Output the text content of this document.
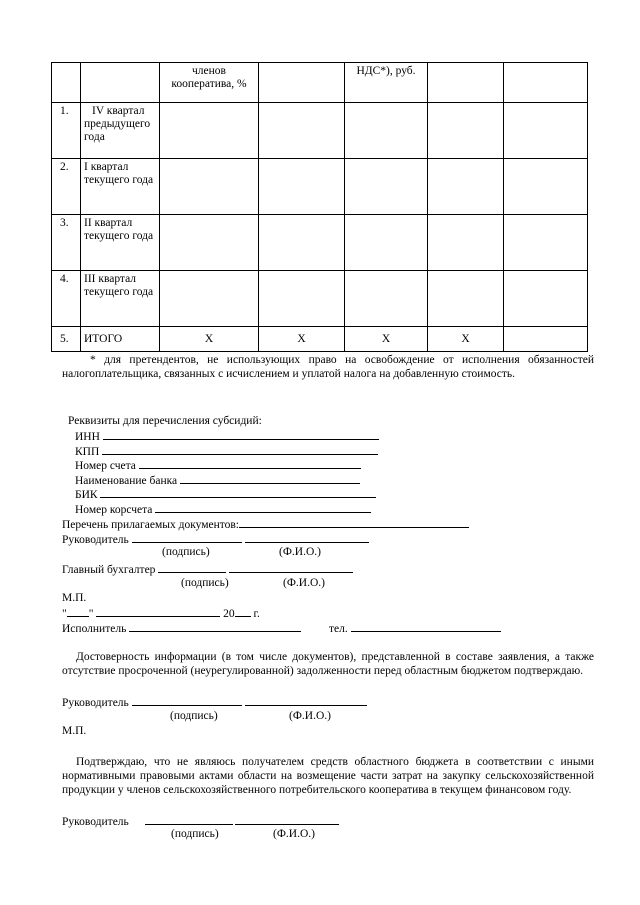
		членов кооператива, %		НДС*), руб.		
1.	IV квартал предыдущего года					
2.	I квартал текущего года					
3.	II квартал текущего года					
4.	III квартал текущего года					
5.	ИТОГО	Х	Х	Х	Х	
* для претендентов, не использующих право на освобождение от исполнения обязанностей налогоплательщика, связанных с исчислением и уплатой налога на добавленную стоимость.
Реквизиты для перечисления субсидий:
ИНН
КПП
Номер счета
Наименование банка
БИК
Номер корсчета
Перечень прилагаемых документов:
Руководитель
(подпись)	(Ф.И.О.)
Главный бухгалтер
(подпись)	(Ф.И.О.)
М.П.
" "	20 г.
Исполнитель	тел.
Достоверность информации (в том числе документов), представленной в составе заявления, а также отсутствие просроченной (неурегулированной) задолженности перед областным бюджетом подтверждаю.
Руководитель
(подпись)	(Ф.И.О.)
М.П.
Подтверждаю, что не являюсь получателем средств областного бюджета в соответствии с иными нормативными правовыми актами области на возмещение части затрат на закупку сельскохозяйственной продукции у членов сельскохозяйственного потребительского кооператива в текущем финансовом году.
Руководитель
(подпись)	(Ф.И.О.)
